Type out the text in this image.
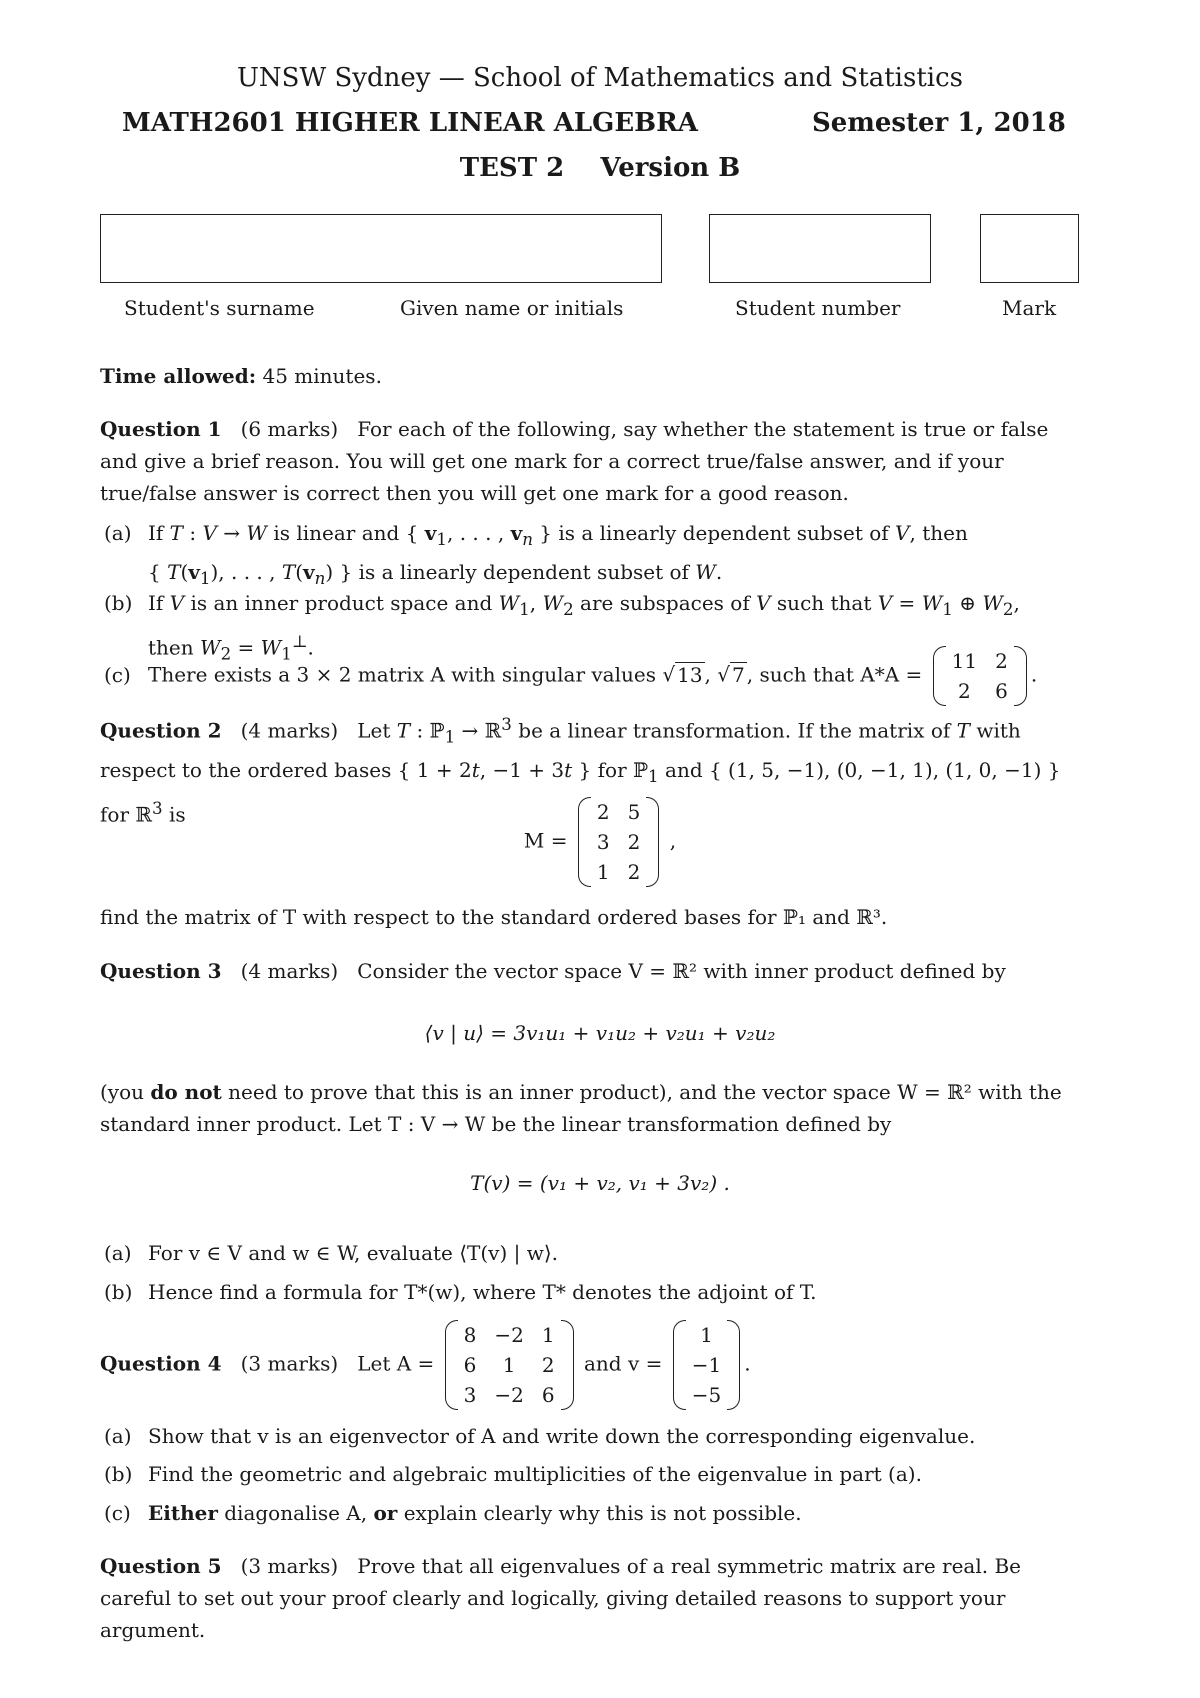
UNSW Sydney — School of Mathematics and Statistics
MATH2601 HIGHER LINEAR ALGEBRA	Semester 1, 2018
TEST 2 Version B
Student's surname	Given name or initials	Student number	Mark
Time allowed: 45 minutes.
Question 1 (6 marks) For each of the following, say whether the statement is true or false and give a brief reason. You will get one mark for a correct true/false answer, and if your true/false answer is correct then you will get one mark for a good reason.
(a) If T : V → W is linear and { $v_1$, . . . , $v_n$ } is a linearly dependent subset of V, then
{ $T(v_1)$, . . . , $T(v_n)$ } is a linearly dependent subset of W.
(b) If V is an inner product space and $W_1$, $W_2$ are subspaces of V such that $V = W_1$ ⊕ $W_2$,
then $W_2 = W_1^\perp$.
(c) There exists a 3 × 2 matrix A with singular values √ 13 , √ 7 , such that A*A =
11 2
2	6
.
Question 2 (4 marks)   Let T : ℙ$_1$ → ℝ$^3$ be a linear transformation. If the matrix of T with respect to the ordered bases { 1 + 2t, −1 + 3t } for ℙ$_1$ and { (1, 5, −1), (0, −1, 1), (1, 0, −1) } for ℝ$^3$ is
M =
2 5
3 2
1 2
,
find the matrix of T with respect to the standard ordered bases for ℙ₁ and ℝ³.
Question 3 (4 marks) Consider the vector space V = ℝ² with inner product defined by
⟨v | u⟩ = 3v₁u₁ + v₁u₂ + v₂u₁ + v₂u₂
(you do not need to prove that this is an inner product), and the vector space W = ℝ² with the standard inner product. Let T : V → W be the linear transformation defined by
T(v) = (v₁ + v₂, v₁ + 3v₂) .
(a) For v ∈ V and w ∈ W, evaluate ⟨T(v) | w⟩.
(b) Hence find a formula for T*(w), where T* denotes the adjoint of T.
Question 4 (3 marks) Let A =
8 −2 1
6	1	2
3 −2 6
and v =
1
−1
−5
.
(a) Show that v is an eigenvector of A and write down the corresponding eigenvalue.
(b) Find the geometric and algebraic multiplicities of the eigenvalue in part (a).
(c) Either diagonalise A, or explain clearly why this is not possible.
Question 5 (3 marks) Prove that all eigenvalues of a real symmetric matrix are real. Be careful to set out your proof clearly and logically, giving detailed reasons to support your argument.
